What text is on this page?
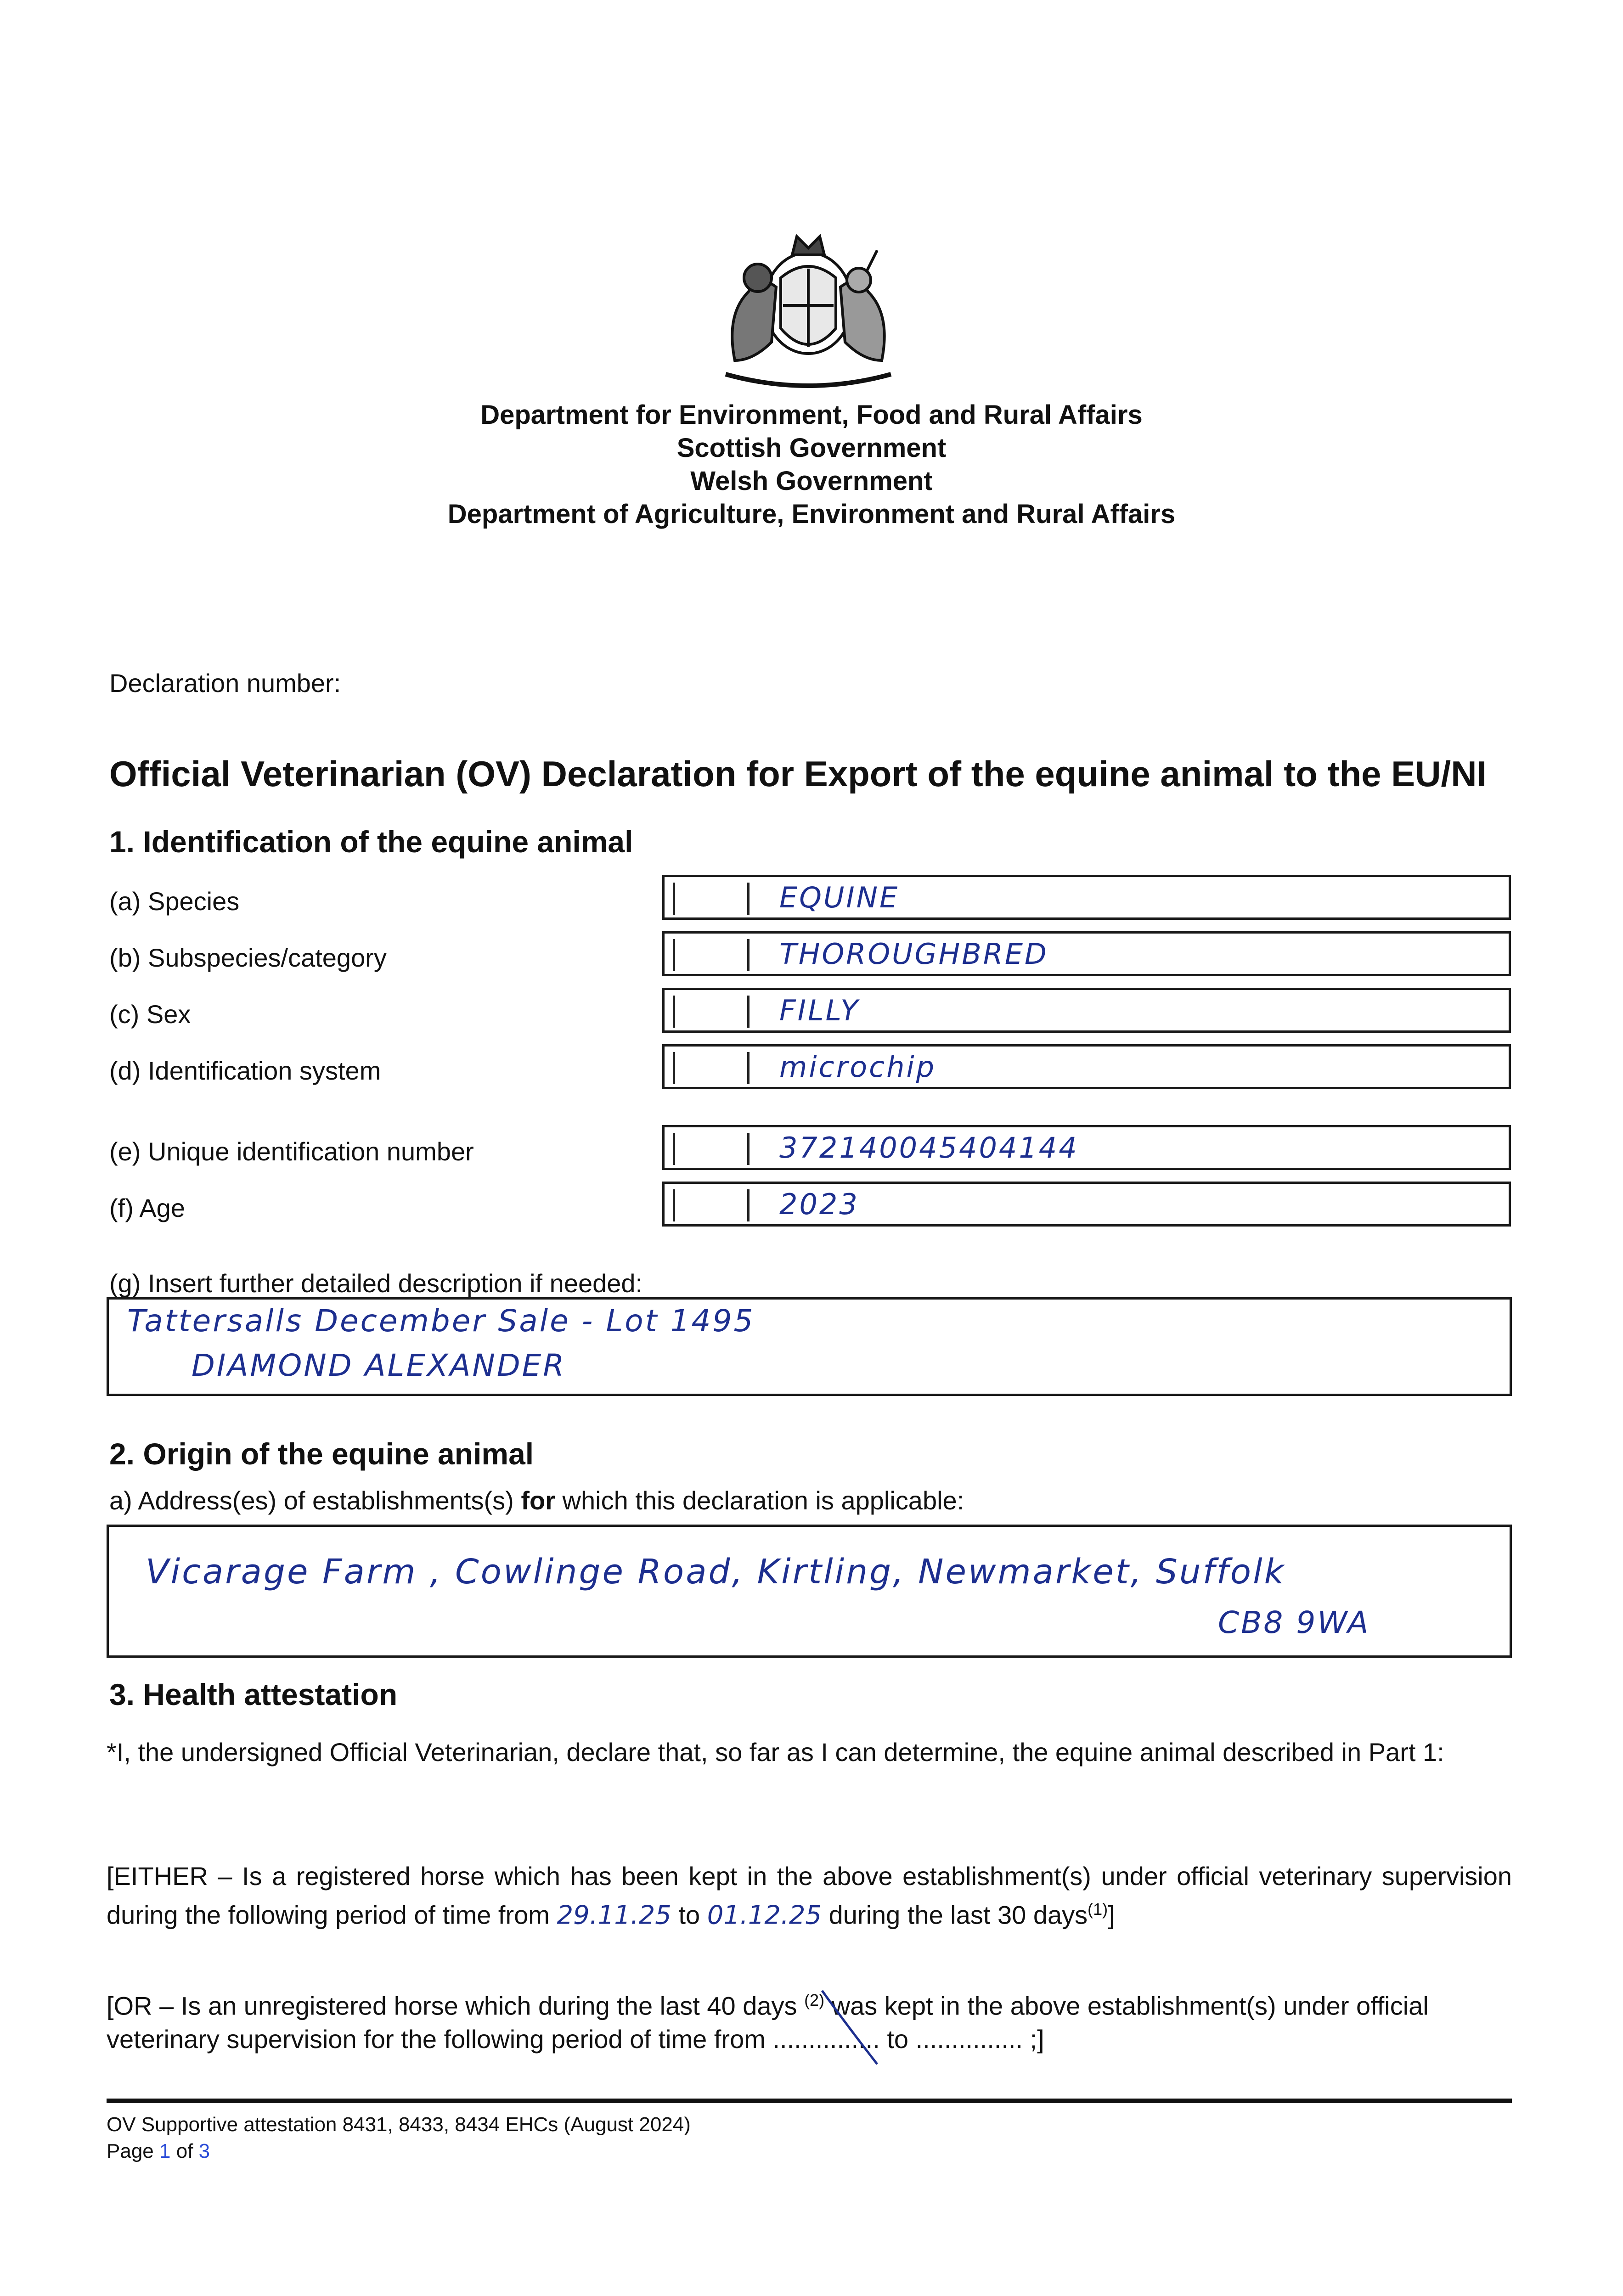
Department for Environment, Food and Rural Affairs
Scottish Government
Welsh Government
Department of Agriculture, Environment and Rural Affairs
Declaration number:
Official Veterinarian (OV) Declaration for Export of the equine animal to the EU/NI
1. Identification of the equine animal
(a) Species	EQUINE
(b) Subspecies/category	THOROUGHBRED
(c) Sex	FILLY
(d) Identification system	microchip
(e) Unique identification number	372140045404144
(f) Age	2023
(g) Insert further detailed description if needed:
Tattersalls December Sale - Lot 1495
DIAMOND ALEXANDER
2. Origin of the equine animal
a) Address(es) of establishments(s) for which this declaration is applicable:
Vicarage Farm , Cowlinge Road, Kirtling, Newmarket, Suffolk
CB8 9WA
3. Health attestation
*I, the undersigned Official Veterinarian, declare that, so far as I can determine, the equine animal described in Part 1:
[EITHER – Is a registered horse which has been kept in the above establishment(s) under official veterinary supervision during the following period of time from 29.11.25 to 01.12.25 during the last 30 days$^{(1)}$]
[OR – Is an unregistered horse which during the last 40 days $^{(2)}$ was kept in the above establishment(s) under official
veterinary supervision for the following period of time from ............... to ............... ;]
OV Supportive attestation 8431, 8433, 8434 EHCs (August 2024)
Page 1 of 3
